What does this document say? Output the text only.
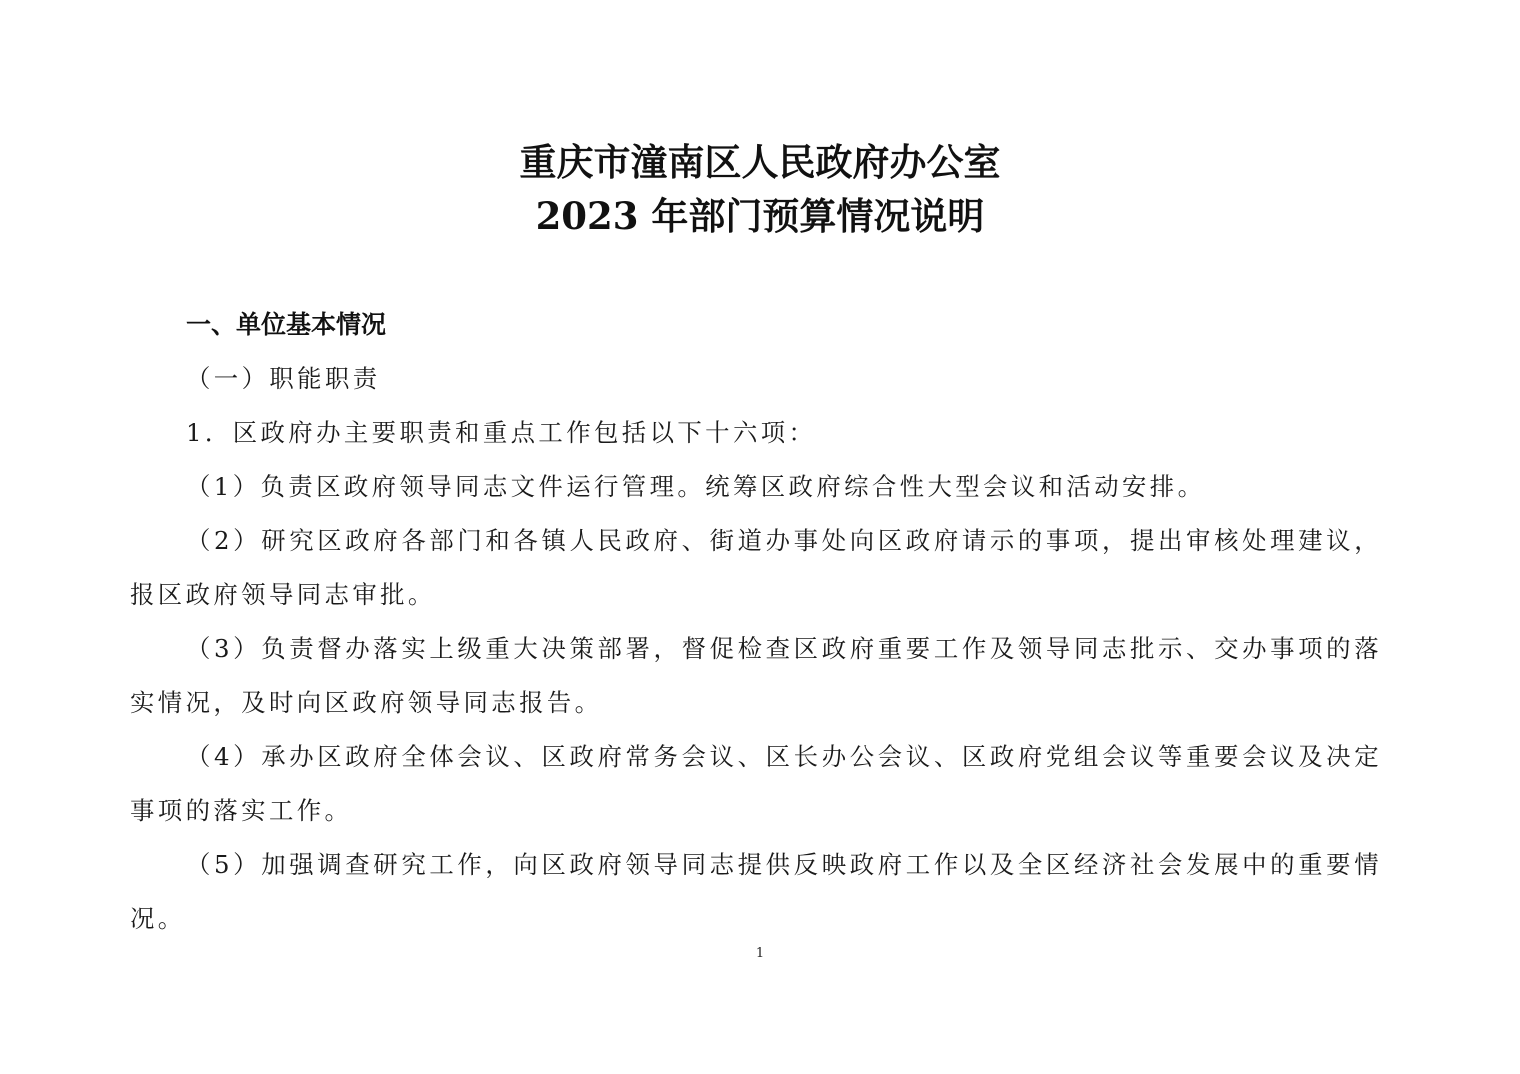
重庆市潼南区人民政府办公室
2023 年部门预算情况说明
一、单位基本情况
（一）职能职责

1．区政府办主要职责和重点工作包括以下十六项：

（1）负责区政府领导同志文件运行管理。统筹区政府综合性大型会议和活动安排。

（2）研究区政府各部门和各镇人民政府、街道办事处向区政府请示的事项，提出审核处理建议，报区政府领导同志审批。

（3）负责督办落实上级重大决策部署，督促检查区政府重要工作及领导同志批示、交办事项的落实情况，及时向区政府领导同志报告。

（4）承办区政府全体会议、区政府常务会议、区长办公会议、区政府党组会议等重要会议及决定事项的落实工作。

（5）加强调查研究工作，向区政府领导同志提供反映政府工作以及全区经济社会发展中的重要情况。

1
